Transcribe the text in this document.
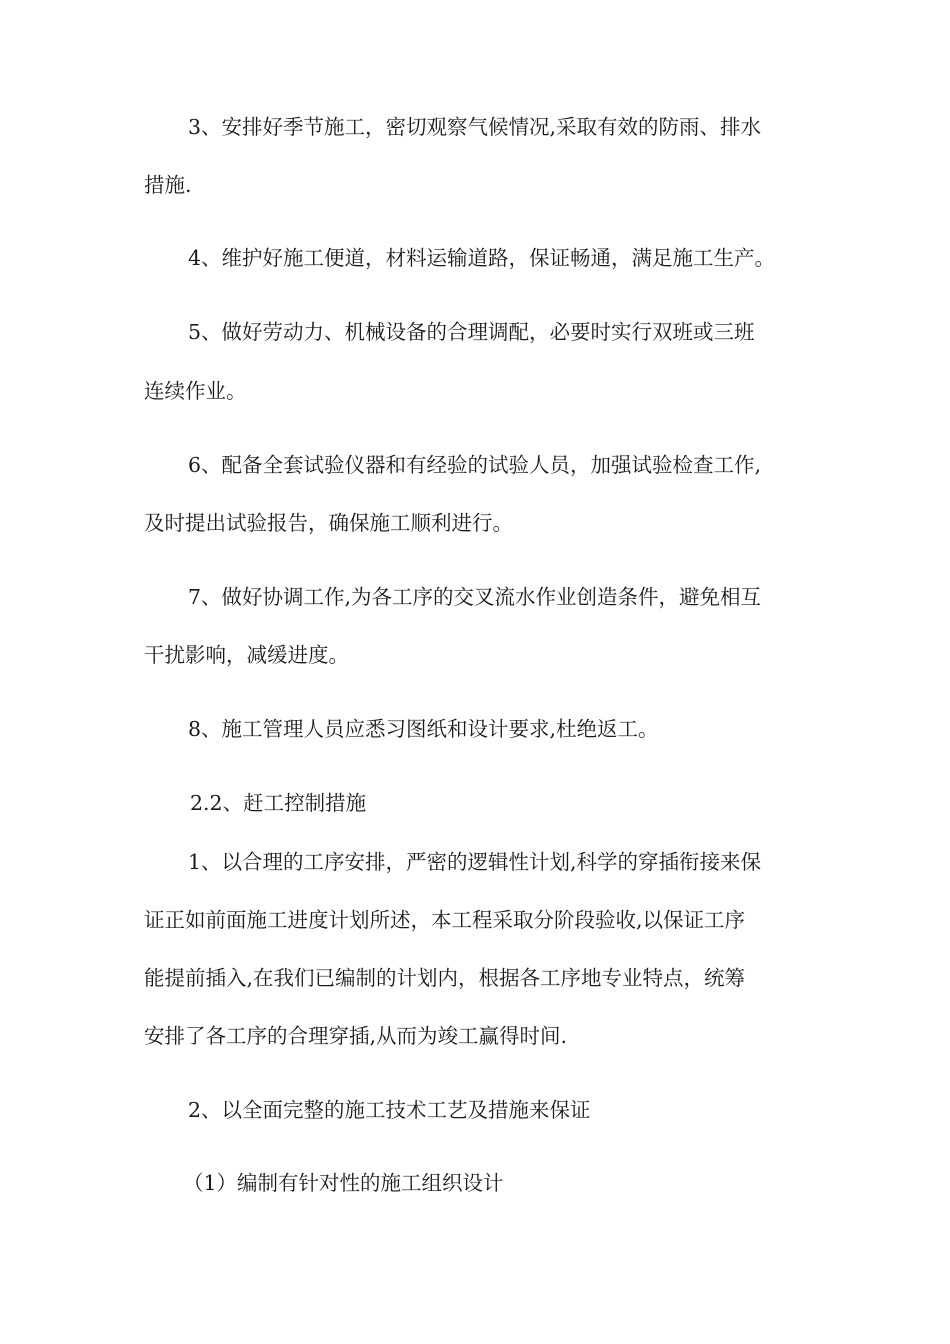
3、安排好季节施工，密切观察气候情况,采取有效的防雨、排水
措施.
4、维护好施工便道，材料运输道路，保证畅通，满足施工生产。
5、做好劳动力、机械设备的合理调配，必要时实行双班或三班
连续作业。
6、配备全套试验仪器和有经验的试验人员，加强试验检查工作,
及时提出试验报告，确保施工顺利进行。
7、做好协调工作,为各工序的交叉流水作业创造条件，避免相互
干扰影响，减缓进度。
8、施工管理人员应悉习图纸和设计要求,杜绝返工。
2.2、赶工控制措施
1、以合理的工序安排，严密的逻辑性计划,科学的穿插衔接来保
证正如前面施工进度计划所述，本工程采取分阶段验收,以保证工序
能提前插入,在我们已编制的计划内，根据各工序地专业特点，统筹
安排了各工序的合理穿插,从而为竣工赢得时间.
2、以全面完整的施工技术工艺及措施来保证
（1）编制有针对性的施工组织设计
